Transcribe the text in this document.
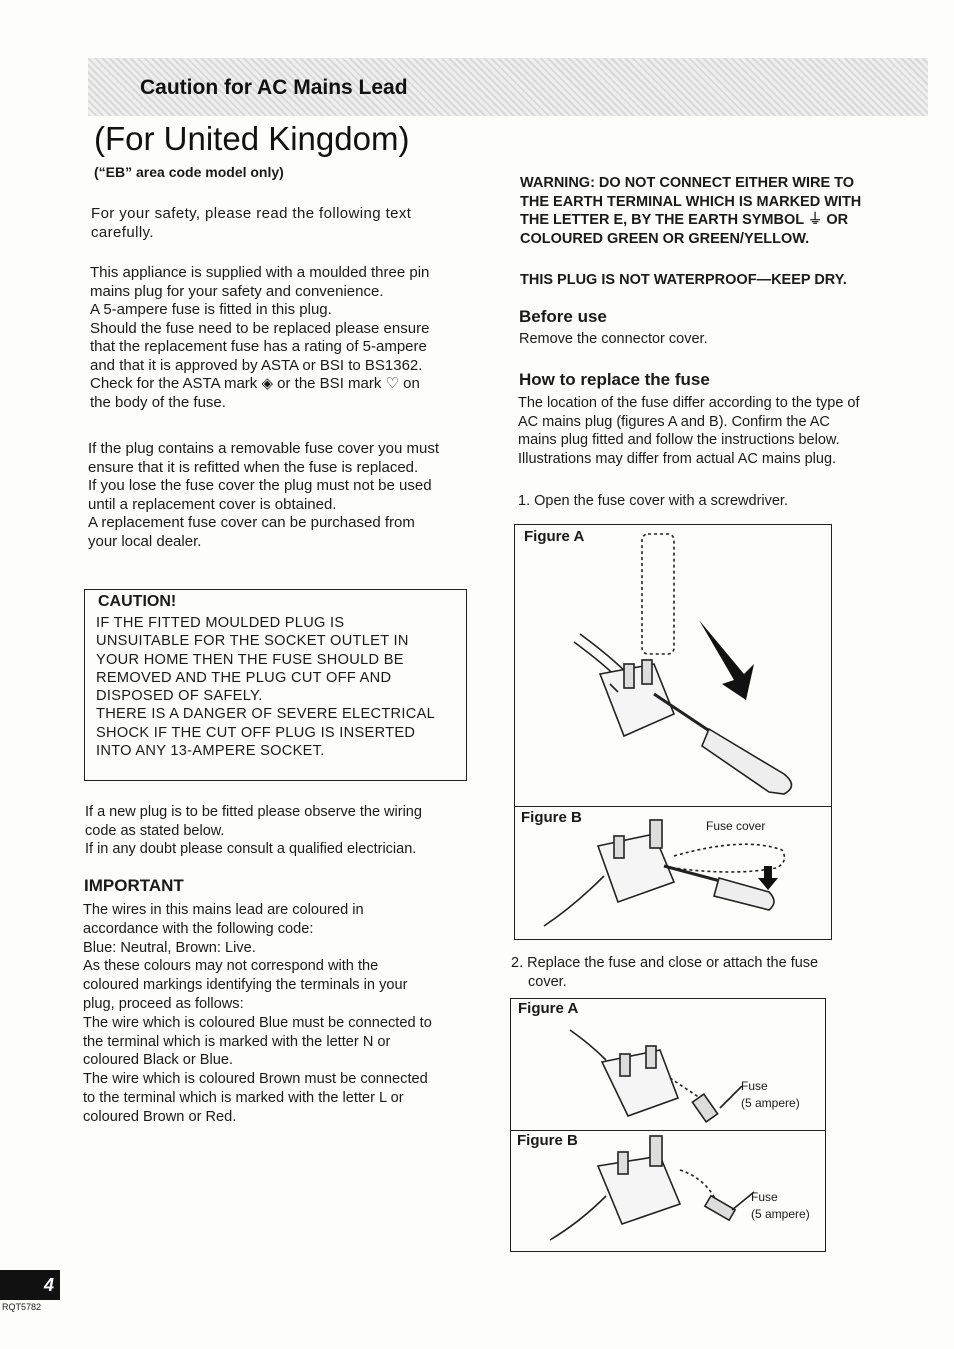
Caution for AC Mains Lead
(For United Kingdom)
(“EB” area code model only)
For your safety, please read the following text
carefully.
This appliance is supplied with a moulded three pin
mains plug for your safety and convenience.
A 5-ampere fuse is fitted in this plug.
Should the fuse need to be replaced please ensure
that the replacement fuse has a rating of 5-ampere
and that it is approved by ASTA or BSI to BS1362.
Check for the ASTA mark ◈ or the BSI mark ♡ on
the body of the fuse.
If the plug contains a removable fuse cover you must
ensure that it is refitted when the fuse is replaced.
If you lose the fuse cover the plug must not be used
until a replacement cover is obtained.
A replacement fuse cover can be purchased from
your local dealer.
CAUTION!
IF THE FITTED MOULDED PLUG IS
UNSUITABLE FOR THE SOCKET OUTLET IN
YOUR HOME THEN THE FUSE SHOULD BE
REMOVED AND THE PLUG CUT OFF AND
DISPOSED OF SAFELY.
THERE IS A DANGER OF SEVERE ELECTRICAL
SHOCK IF THE CUT OFF PLUG IS INSERTED
INTO ANY 13-AMPERE SOCKET.
If a new plug is to be fitted please observe the wiring
code as stated below.
If in any doubt please consult a qualified electrician.
IMPORTANT
The wires in this mains lead are coloured in
accordance with the following code:
Blue: Neutral, Brown: Live.
As these colours may not correspond with the
coloured markings identifying the terminals in your
plug, proceed as follows:
The wire which is coloured Blue must be connected to
the terminal which is marked with the letter N or
coloured Black or Blue.
The wire which is coloured Brown must be connected
to the terminal which is marked with the letter L or
coloured Brown or Red.
WARNING: DO NOT CONNECT EITHER WIRE TO
THE EARTH TERMINAL WHICH IS MARKED WITH
THE LETTER E, BY THE EARTH SYMBOL ⏚ OR
COLOURED GREEN OR GREEN/YELLOW.
THIS PLUG IS NOT WATERPROOF—KEEP DRY.
Before use
Remove the connector cover.
How to replace the fuse
The location of the fuse differ according to the type of
AC mains plug (figures A and B). Confirm the AC
mains plug fitted and follow the instructions below.
Illustrations may differ from actual AC mains plug.
1. Open the fuse cover with a screwdriver.
Figure A
Figure B	Fuse cover
2. Replace the fuse and close or attach the fuse
cover.
Figure A
Figure B
Fuse
(5 ampere)
Fuse
(5 ampere)
4
RQT5782
